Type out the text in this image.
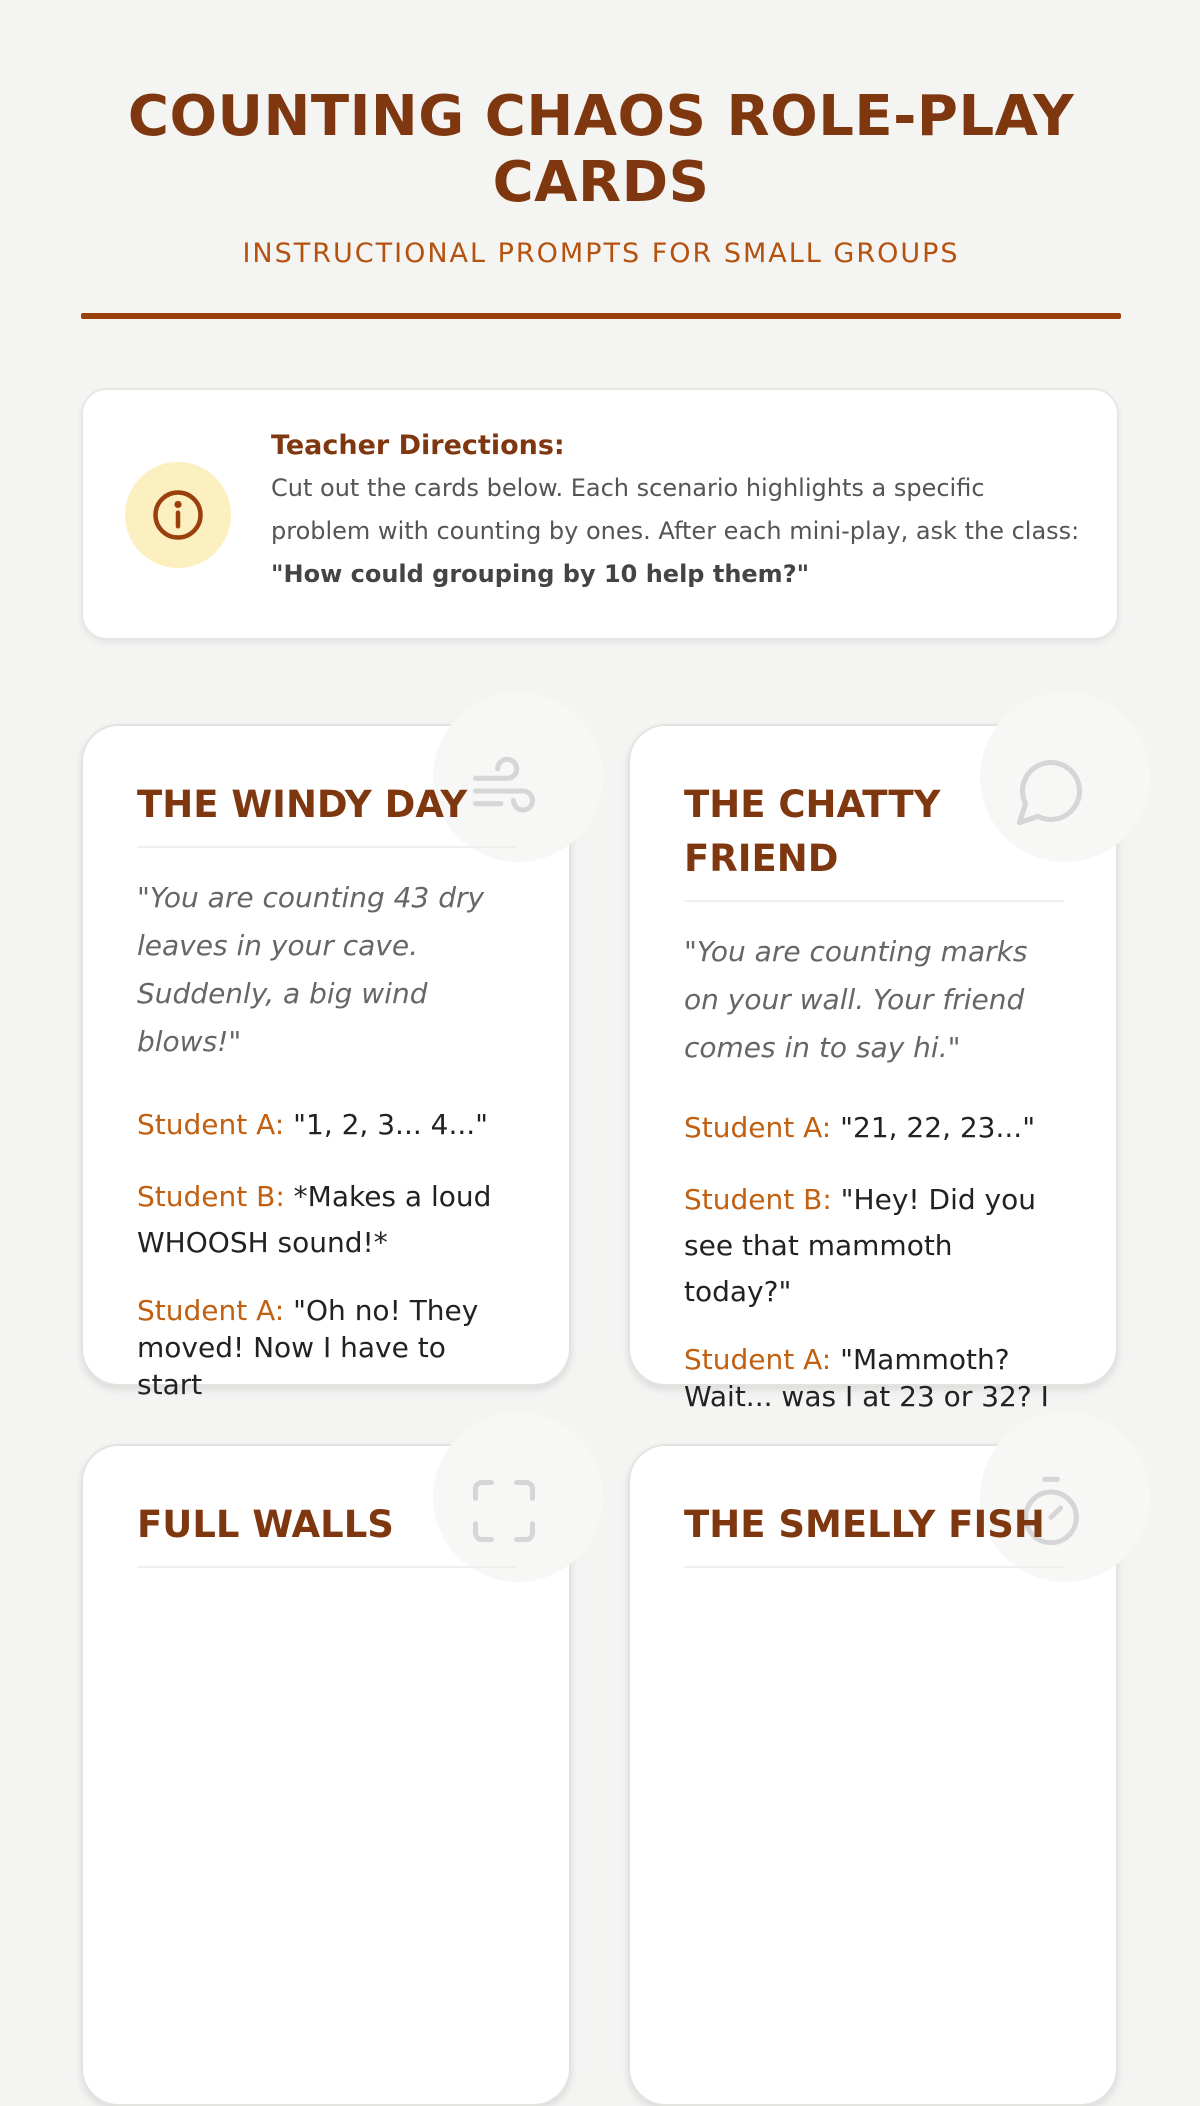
COUNTING CHAOS ROLE-PLAY CARDS
INSTRUCTIONAL PROMPTS FOR SMALL GROUPS
Teacher Directions:
Cut out the cards below. Each scenario highlights a specific problem with counting by ones. After each mini-play, ask the class:
"How could grouping by 10 help them?"
THE WINDY DAY
"You are counting 43 dry leaves in your cave. Suddenly, a big wind blows!"
Student A: "1, 2, 3... 4..."
Student B: *Makes a loud WHOOSH sound!*
Student A: "Oh no! They moved! Now I have to start
THE CHATTY FRIEND
"You are counting marks on your wall. Your friend comes in to say hi."
Student A: "21, 22, 23..."
Student B: "Hey! Did you see that mammoth today?"
Student A: "Mammoth? Wait... was I at 23 or 32? I
FULL WALLS	THE SMELLY FISH
